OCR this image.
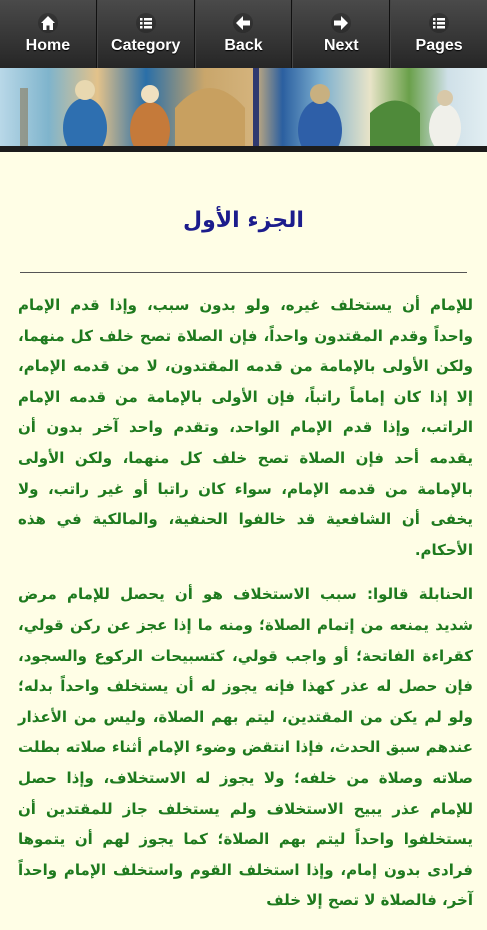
Home	Category	Back	Next	Pages
الجزء الأول

للإمام أن يستخلف غيره، ولو بدون سبب، وإذا قدم الإمام واحداً وقدم المقتدون واحداً، فإن الصلاة تصح خلف كل منهما، ولكن الأولى بالإمامة من قدمه المقتدون، لا من قدمه الإمام، إلا إذا كان إماماً راتباً، فإن الأولى بالإمامة من قدمه الإمام الراتب، وإذا قدم الإمام الواحد، وتقدم واحد آخر بدون أن يقدمه أحد فإن الصلاة تصح خلف كل منهما، ولكن الأولى بالإمامة من قدمه الإمام، سواء كان راتبا أو غير راتب، ولا يخفى أن الشافعية قد خالفوا الحنفية، والمالكية في هذه الأحكام.

الحنابلة قالوا: سبب الاستخلاف هو أن يحصل للإمام مرض شديد يمنعه من إتمام الصلاة؛ ومنه ما إذا عجز عن ركن قولي، كقراءة الفاتحة؛ أو واجب قولي، كتسبيحات الركوع والسجود، فإن حصل له عذر كهذا فإنه يجوز له أن يستخلف واحداً بدله؛ ولو لم يكن من المقتدين، ليتم بهم الصلاة، وليس من الأعذار عندهم سبق الحدث، فإذا انتقض وضوء الإمام أثناء صلاته بطلت صلاته وصلاة من خلفه؛ ولا يجوز له الاستخلاف، وإذا حصل للإمام عذر يبيح الاستخلاف ولم يستخلف جاز للمقتدين أن يستخلفوا واحداً ليتم بهم الصلاة؛ كما يجوز لهم أن يتموها فرادى بدون إمام، وإذا استخلف القوم واستخلف الإمام واحداً آخر، فالصلاة لا تصح إلا خلف
